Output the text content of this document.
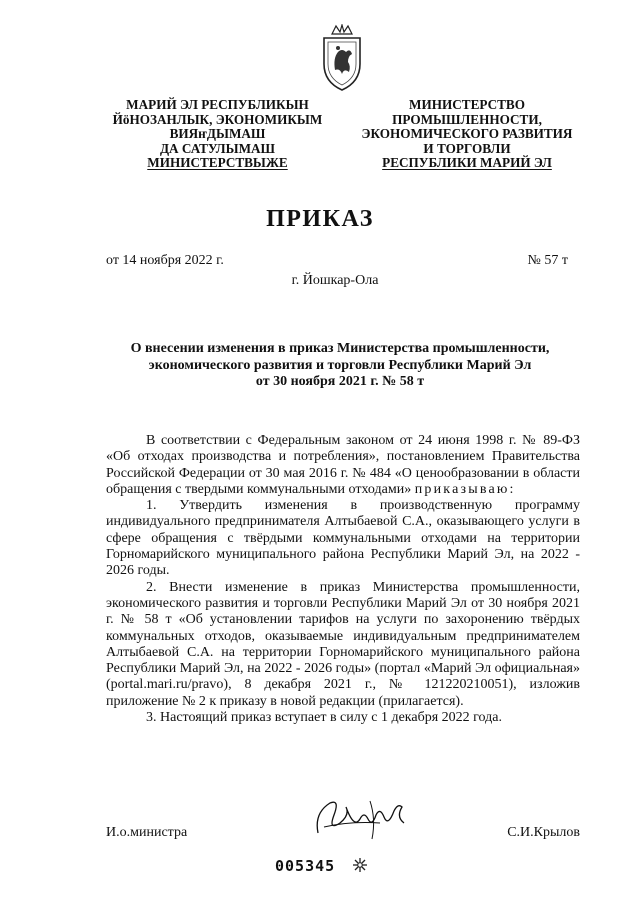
МАРИЙ ЭЛ РЕСПУБЛИКЫН
ЙӧНОЗАНЛЫК, ЭКОНОМИКЫМ
ВИЯҥДЫМАШ
ДА САТУЛЫМАШ
МИНИСТЕРСТВЫЖЕ
МИНИСТЕРСТВО
ПРОМЫШЛЕННОСТИ,
ЭКОНОМИЧЕСКОГО РАЗВИТИЯ
И ТОРГОВЛИ
РЕСПУБЛИКИ МАРИЙ ЭЛ
ПРИКАЗ
от 14 ноября 2022 г.	№ 57 т
г. Йошкар-Ола
О внесении изменения в приказ Министерства промышленности,
экономического развития и торговли Республики Марий Эл
от 30 ноября 2021 г. № 58 т

В соответствии с Федеральным законом от 24 июня 1998 г. № 89-ФЗ «Об отходах производства и потребления», постановлением Правительства Российской Федерации от 30 мая 2016 г. № 484 «О ценообразовании в области обращения с твердыми коммунальными отходами» приказываю:

1. Утвердить изменения в производственную программу индивидуального предпринимателя Алтыбаевой С.А., оказывающего услуги в сфере обращения с твёрдыми коммунальными отходами на территории Горномарийского муниципального района Республики Марий Эл, на 2022 - 2026 годы.

2. Внести изменение в приказ Министерства промышленности, экономического развития и торговли Республики Марий Эл от 30 ноября 2021 г. № 58 т «Об установлении тарифов на услуги по захоронению твёрдых коммунальных отходов, оказываемые индивидуальным предпринимателем Алтыбаевой С.А. на территории Горномарийского муниципального района Республики Марий Эл, на 2022 - 2026 годы» (портал «Марий Эл официальная» (portal.mari.ru/pravo), 8 декабря 2021 г., № 121220210051), изложив приложение № 2 к приказу в новой редакции (прилагается).

3. Настоящий приказ вступает в силу с 1 декабря 2022 года.

И.о.министра	С.И.Крылов
005345
